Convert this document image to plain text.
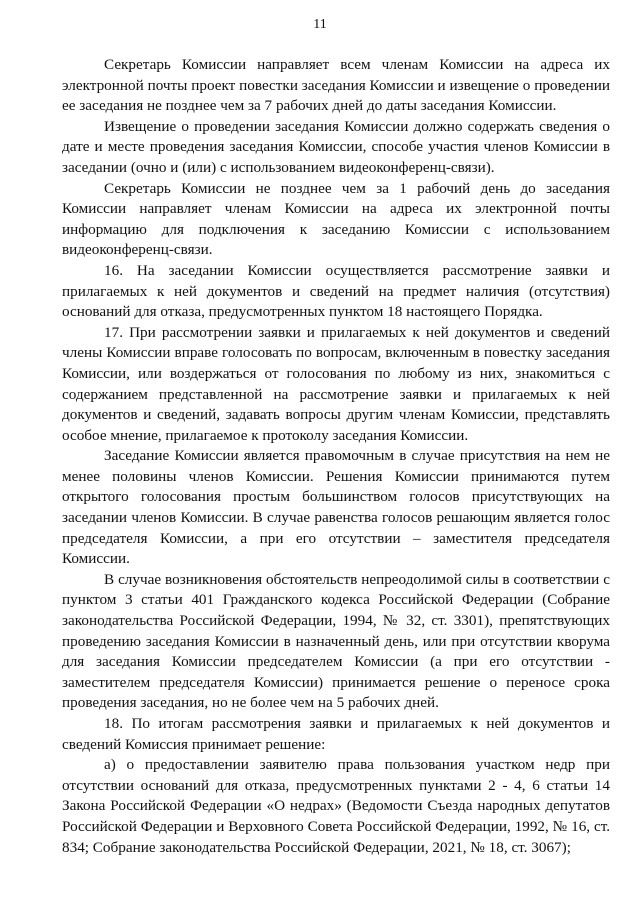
11

Секретарь Комиссии направляет всем членам Комиссии на адреса их электронной почты проект повестки заседания Комиссии и извещение о проведении ее заседания не позднее чем за 7 рабочих дней до даты заседания Комиссии.

Извещение о проведении заседания Комиссии должно содержать сведения о дате и месте проведения заседания Комиссии, способе участия членов Комиссии в заседании (очно и (или) с использованием видеоконференц-связи).

Секретарь Комиссии не позднее чем за 1 рабочий день до заседания Комиссии направляет членам Комиссии на адреса их электронной почты информацию для подключения к заседанию Комиссии с использованием видеоконференц-связи.

16. На заседании Комиссии осуществляется рассмотрение заявки и прилагаемых к ней документов и сведений на предмет наличия (отсутствия) оснований для отказа, предусмотренных пунктом 18 настоящего Порядка.

17. При рассмотрении заявки и прилагаемых к ней документов и сведений члены Комиссии вправе голосовать по вопросам, включенным в повестку заседания Комиссии, или воздержаться от голосования по любому из них, знакомиться с содержанием представленной на рассмотрение заявки и прилагаемых к ней документов и сведений, задавать вопросы другим членам Комиссии, представлять особое мнение, прилагаемое к протоколу заседания Комиссии.

Заседание Комиссии является правомочным в случае присутствия на нем не менее половины членов Комиссии. Решения Комиссии принимаются путем открытого голосования простым большинством голосов присутствующих на заседании членов Комиссии. В случае равенства голосов решающим является голос председателя Комиссии, а при его отсутствии – заместителя председателя Комиссии.

В случае возникновения обстоятельств непреодолимой силы в соответствии с пунктом 3 статьи 401 Гражданского кодекса Российской Федерации (Собрание законодательства Российской Федерации, 1994, № 32, ст. 3301), препятствующих проведению заседания Комиссии в назначенный день, или при отсутствии кворума для заседания Комиссии председателем Комиссии (а при его отсутствии - заместителем председателя Комиссии) принимается решение о переносе срока проведения заседания, но не более чем на 5 рабочих дней.

18. По итогам рассмотрения заявки и прилагаемых к ней документов и сведений Комиссия принимает решение:

а) о предоставлении заявителю права пользования участком недр при отсутствии оснований для отказа, предусмотренных пунктами 2 - 4, 6 статьи 14 Закона Российской Федерации «О недрах» (Ведомости Съезда народных депутатов Российской Федерации и Верховного Совета Российской Федерации, 1992, № 16, ст. 834; Собрание законодательства Российской Федерации, 2021, № 18, ст. 3067);
